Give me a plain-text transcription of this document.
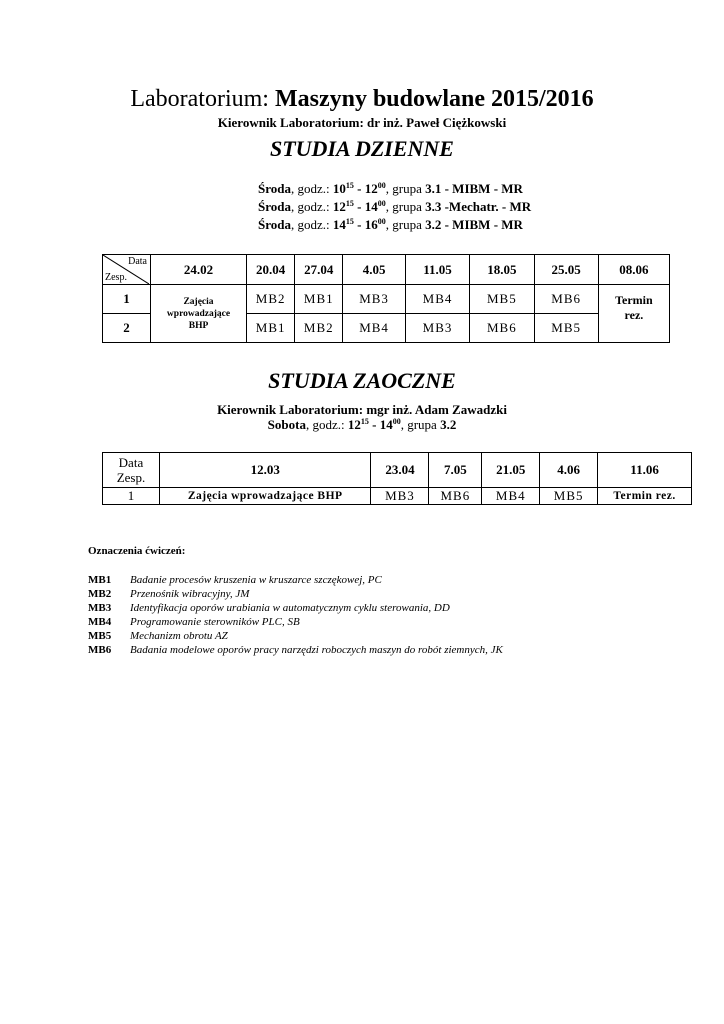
Laboratorium: Maszyny budowlane 2015/2016
Kierownik Laboratorium: dr inż. Paweł Ciężkowski
STUDIA DZIENNE
Środa, godz.: $10^{15} - 12^{00}$, grupa 3.1 - MIBM - MR
Środa, godz.: $12^{15} - 14^{00}$, grupa 3.3 -Mechatr. - MR
Środa, godz.: $14^{15} - 16^{00}$, grupa 3.2 - MIBM - MR
Data
Zesp.	24.02	20.04	27.04	4.05	11.05	18.05	25.05	08.06
1	Zajęcia wprowadzające BHP	MB2	MB1	MB3	MB4	MB5	MB6	Termin rez.
2		MB1	MB2	MB4	MB3	MB6	MB5	
STUDIA ZAOCZNE
Kierownik Laboratorium: mgr inż. Adam Zawadzki
Sobota, godz.: $12^{15} - 14^{00}$, grupa 3.2
Data
Zesp.	12.03	23.04	7.05	21.05	4.06	11.06
1	Zajęcia wprowadzające BHP	MB3	MB6	MB4	MB5	Termin rez.
Oznaczenia ćwiczeń:
MB1 Badanie procesów kruszenia w kruszarce szczękowej, PC
MB2 Przenośnik wibracyjny, JM
MB3 Identyfikacja oporów urabiania w automatycznym cyklu sterowania, DD
MB4 Programowanie sterowników PLC, SB
MB5 Mechanizm obrotu AZ
MB6 Badania modelowe oporów pracy narzędzi roboczych maszyn do robót ziemnych, JK
